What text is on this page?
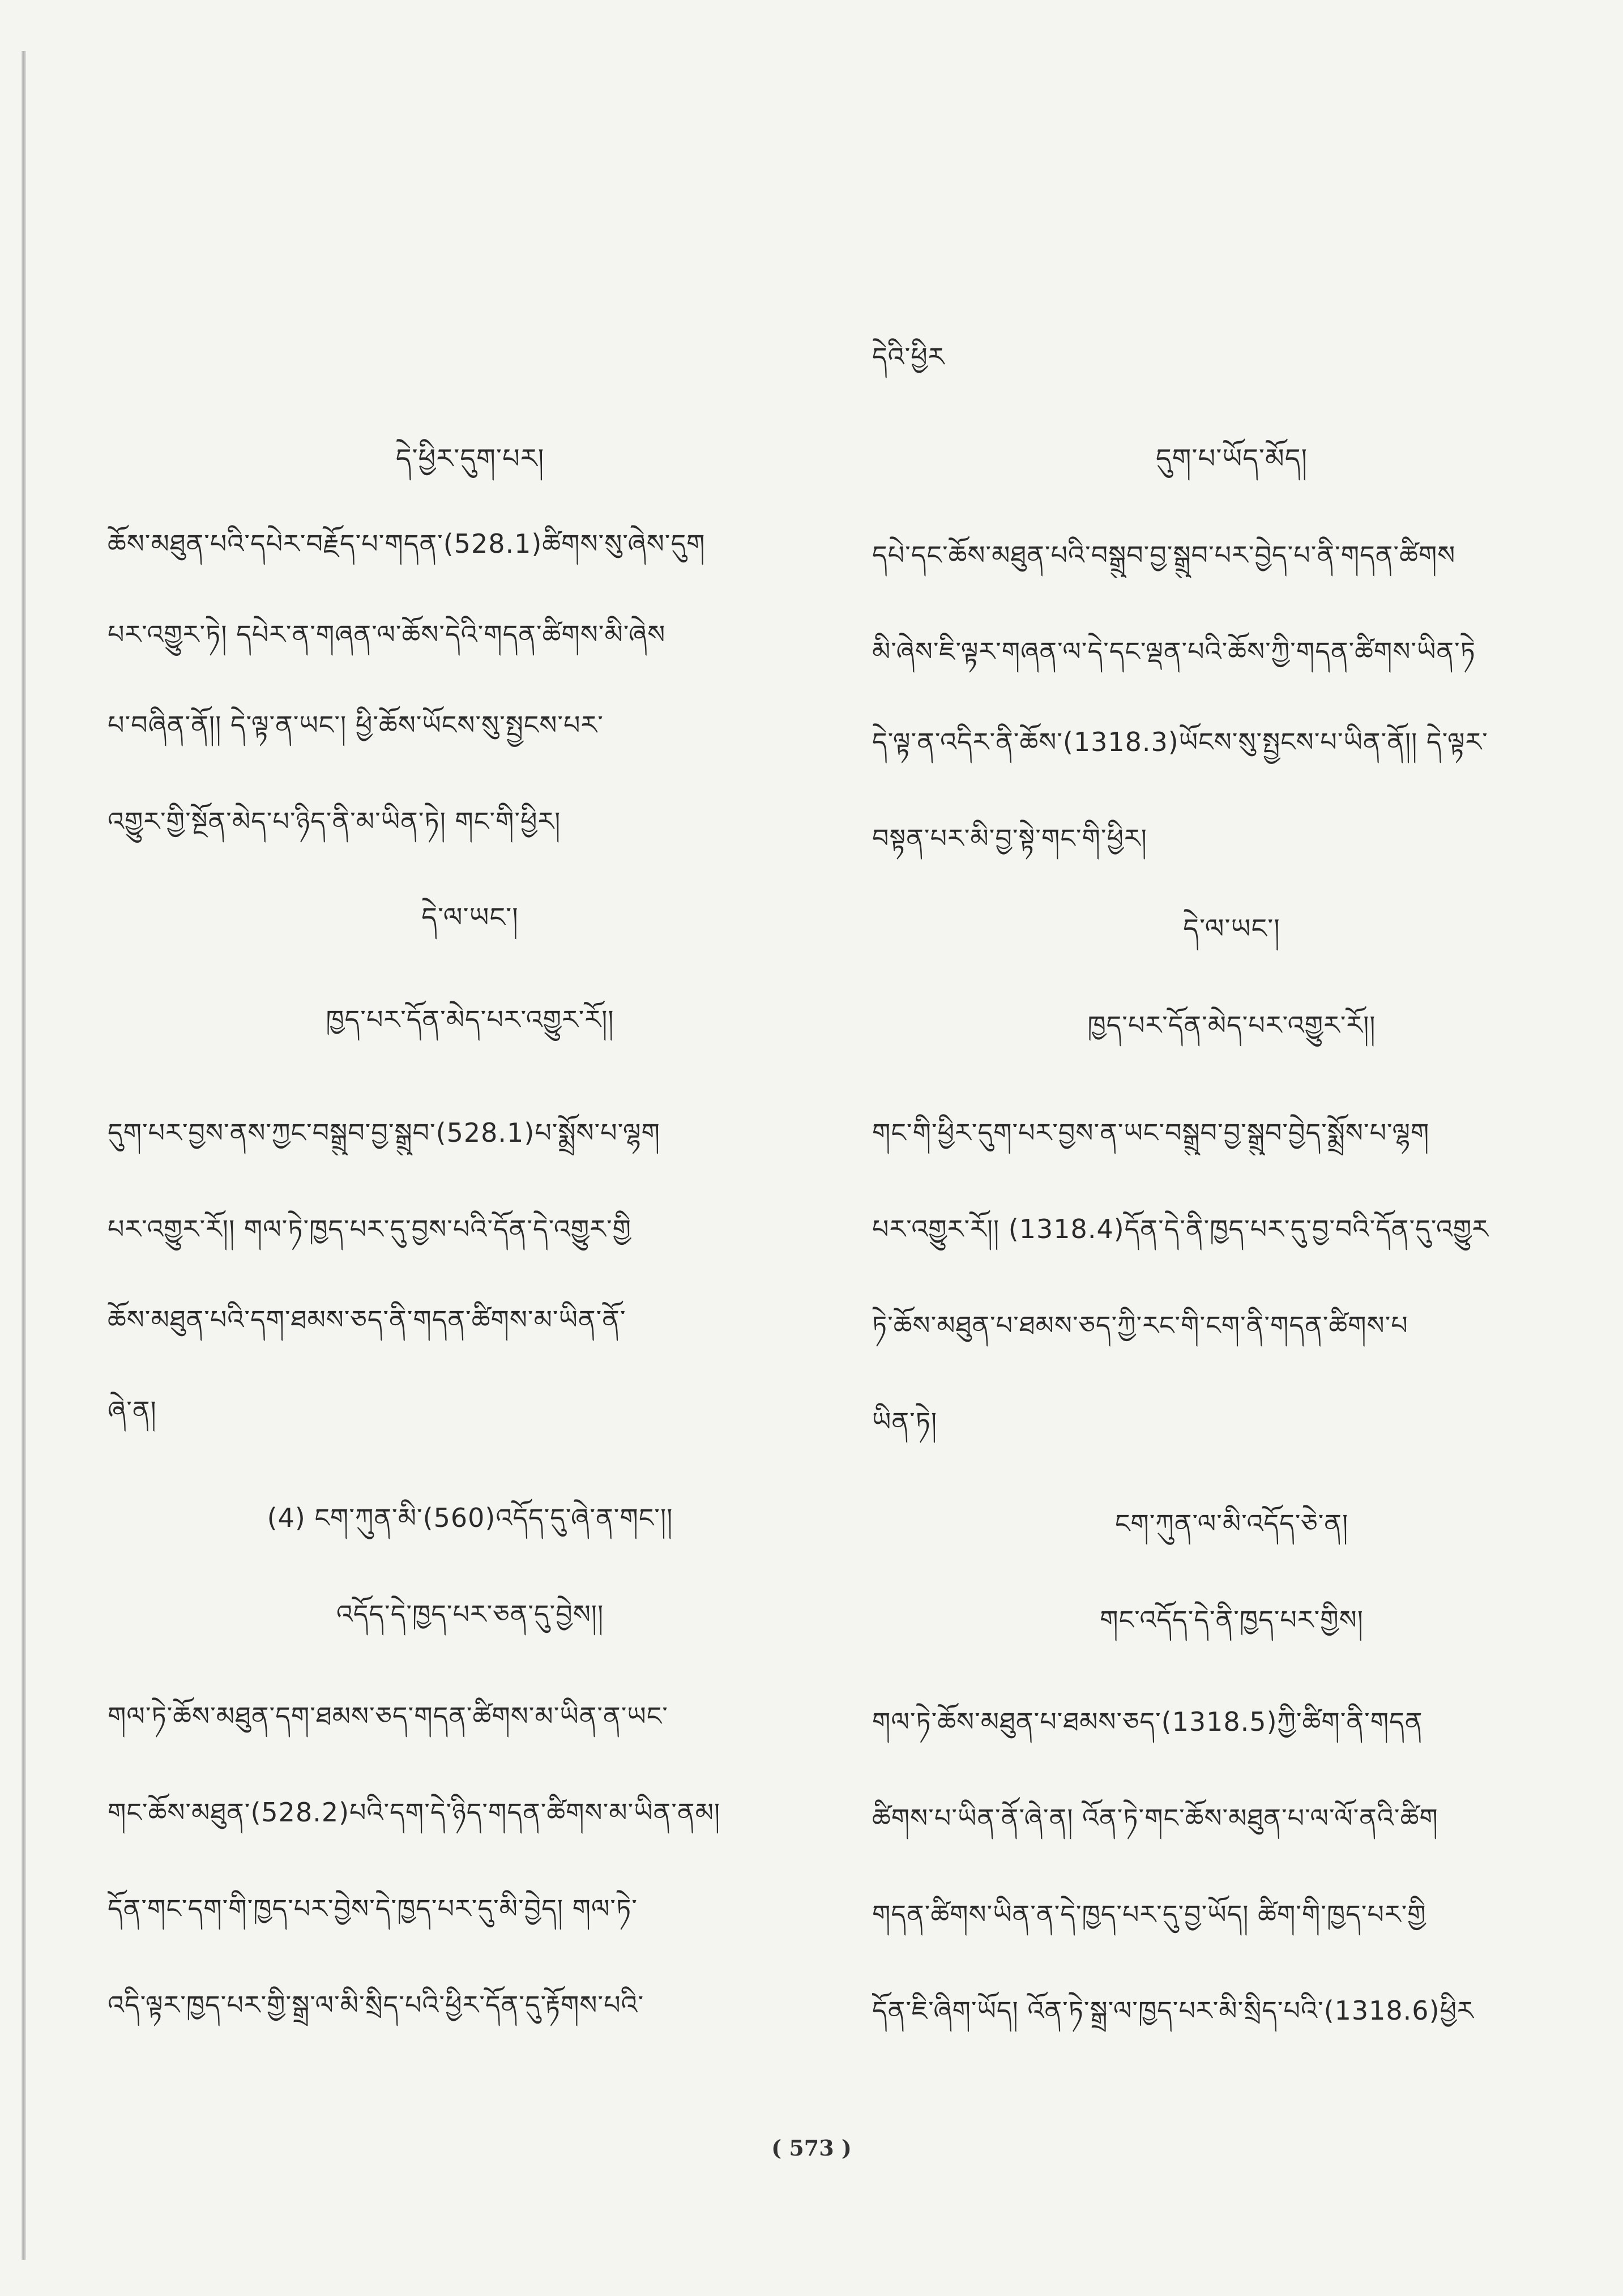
དེ་ཕྱིར་དུག་པར།
ཆོས་མཐུན་པའི་དཔེར་བརྗོད་པ་གདན་(528.1)ཚིགས་སུ་ཞེས་དུག
པར་འགྱུར་ཏེ། དཔེར་ན་གཞན་ལ་ཆོས་དེའི་གདན་ཚིགས་མི་ཞེས
པ་བཞིན་ནོ།། དེ་ལྟ་ན་ཡང་། ཕྱི་ཆོས་ཡོངས་སུ་སྤྱངས་པར་
འགྱུར་གྱི་སྔོན་མེད་པ་ཉིད་ནི་མ་ཡིན་ཏེ། གང་གི་ཕྱིར།
དེ་ལ་ཡང་།
ཁྱད་པར་དོན་མེད་པར་འགྱུར་རོ།།
དུག་པར་བྱས་ནས་ཀྱང་བསྒྲུབ་བྱ་སྒྲུབ་(528.1)པ་སྨྲོས་པ་ལྷག
པར་འགྱུར་རོ།། གལ་ཏེ་ཁྱད་པར་དུ་བྱས་པའི་དོན་དེ་འགྱུར་གྱི
ཆོས་མཐུན་པའི་དག་ཐམས་ཅད་ནི་གདན་ཚིགས་མ་ཡིན་ནོ་
ཞེ་ན།
(4) ངག་ཀུན་མི་(560)འདོད་དུ་ཞེ་ན་གང་།།
འདོད་དེ་ཁྱད་པར་ཅན་དུ་བྱེས།།
གལ་ཏེ་ཆོས་མཐུན་དག་ཐམས་ཅད་གདན་ཚིགས་མ་ཡིན་ན་ཡང་
གང་ཆོས་མཐུན་(528.2)པའི་དག་དེ་ཉིད་གདན་ཚིགས་མ་ཡིན་ནམ།
དོན་གང་དག་གི་ཁྱད་པར་བྱེས་དེ་ཁྱད་པར་དུ་མི་བྱེད། གལ་ཏེ་
འདི་ལྟར་ཁྱད་པར་གྱི་སྒྲ་ལ་མི་སྲིད་པའི་ཕྱིར་དོན་དུ་རྟོགས་པའི་
དེའི་ཕྱིར
དུག་པ་ཡོད་མོད།
དཔེ་དང་ཆོས་མཐུན་པའི་བསྒྲུབ་བྱ་སྒྲུབ་པར་བྱེད་པ་ནི་གདན་ཚིགས
མི་ཞེས་ཇི་ལྟར་གཞན་ལ་དེ་དང་ལྡན་པའི་ཆོས་ཀྱི་གདན་ཚིགས་ཡིན་ཏེ
དེ་ལྟ་ན་འདིར་ནི་ཆོས་(1318.3)ཡོངས་སུ་སྤྱངས་པ་ཡིན་ནོ།། དེ་ལྟར་
བསྟན་པར་མི་བྱ་སྟེ་གང་གི་ཕྱིར།
དེ་ལ་ཡང་།
ཁྱད་པར་དོན་མེད་པར་འགྱུར་རོ།།
གང་གི་ཕྱིར་དུག་པར་བྱས་ན་ཡང་བསྒྲུབ་བྱ་སྒྲུབ་བྱེད་སྨྲོས་པ་ལྷག
པར་འགྱུར་རོ།། (1318.4)དོན་དེ་ནི་ཁྱད་པར་དུ་བྱ་བའི་དོན་དུ་འགྱུར
ཏེ་ཆོས་མཐུན་པ་ཐམས་ཅད་ཀྱི་རང་གི་ངག་ནི་གདན་ཚིགས་པ
ཡིན་ཏེ།
ངག་ཀུན་ལ་མི་འདོད་ཅེ་ན།
གང་འདོད་དེ་ནི་ཁྱད་པར་གྱིས།
གལ་ཏེ་ཆོས་མཐུན་པ་ཐམས་ཅད་(1318.5)ཀྱི་ཚིག་ནི་གདན
ཚིགས་པ་ཡིན་ནོ་ཞེ་ན། འོན་ཏེ་གང་ཆོས་མཐུན་པ་ལ་ལོ་ནའི་ཚིག
གདན་ཚིགས་ཡིན་ན་དེ་ཁྱད་པར་དུ་བྱ་ཡོད། ཚིག་གི་ཁྱད་པར་གྱི
དོན་ཇི་ཞིག་ཡོད། འོན་ཏེ་སྒྲ་ལ་ཁྱད་པར་མི་སྲིད་པའི་(1318.6)ཕྱིར
( 573 )
